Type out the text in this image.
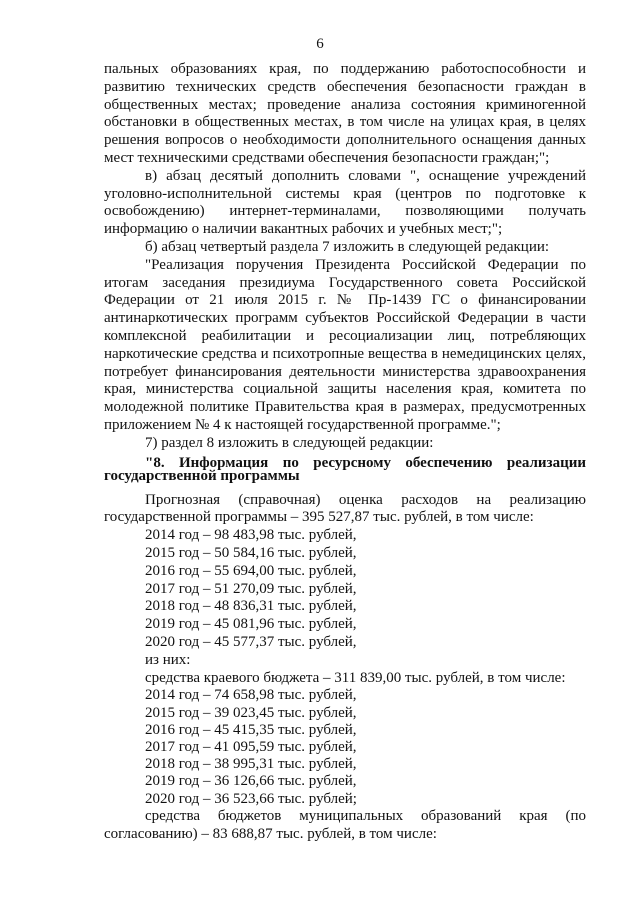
6

пальных образованиях края, по поддержанию работоспособности и развитию технических средств обеспечения безопасности граждан в общественных местах; проведение анализа состояния криминогенной обстановки в общественных местах, в том числе на улицах края, в целях решения вопросов о необходимости дополнительного оснащения данных мест техническими средствами обеспечения безопасности граждан;";

в) абзац десятый дополнить словами ", оснащение учреждений уголовно-исполнительной системы края (центров по подготовке к освобождению) интернет-терминалами, позволяющими получать информацию о наличии вакантных рабочих и учебных мест;";

б) абзац четвертый раздела 7 изложить в следующей редакции:

"Реализация поручения Президента Российской Федерации по итогам заседания президиума Государственного совета Российской Федерации от 21 июля 2015 г. № Пр-1439 ГС о финансировании антинаркотических программ субъектов Российской Федерации в части комплексной реабилитации и ресоциализации лиц, потребляющих наркотические средства и психотропные вещества в немедицинских целях, потребует финансирования деятельности министерства здравоохранения края, министерства социальной защиты населения края, комитета по молодежной политике Правительства края в размерах, предусмотренных приложением № 4 к настоящей государственной программе.";

7) раздел 8 изложить в следующей редакции:

"8. Информация по ресурсному обеспечению реализации государственной программы

Прогнозная (справочная) оценка расходов на реализацию государственной программы – 395 527,87 тыс. рублей, в том числе:

2014 год – 98 483,98 тыс. рублей,

2015 год – 50 584,16 тыс. рублей,

2016 год – 55 694,00 тыс. рублей,

2017 год – 51 270,09 тыс. рублей,

2018 год – 48 836,31 тыс. рублей,

2019 год – 45 081,96 тыс. рублей,

2020 год – 45 577,37 тыс. рублей,

из них:

средства краевого бюджета – 311 839,00 тыс. рублей, в том числе:

2014 год – 74 658,98 тыс. рублей,

2015 год – 39 023,45 тыс. рублей,

2016 год – 45 415,35 тыс. рублей,

2017 год – 41 095,59 тыс. рублей,

2018 год – 38 995,31 тыс. рублей,

2019 год – 36 126,66 тыс. рублей,

2020 год – 36 523,66 тыс. рублей;

средства бюджетов муниципальных образований края (по согласованию) – 83 688,87 тыс. рублей, в том числе:
